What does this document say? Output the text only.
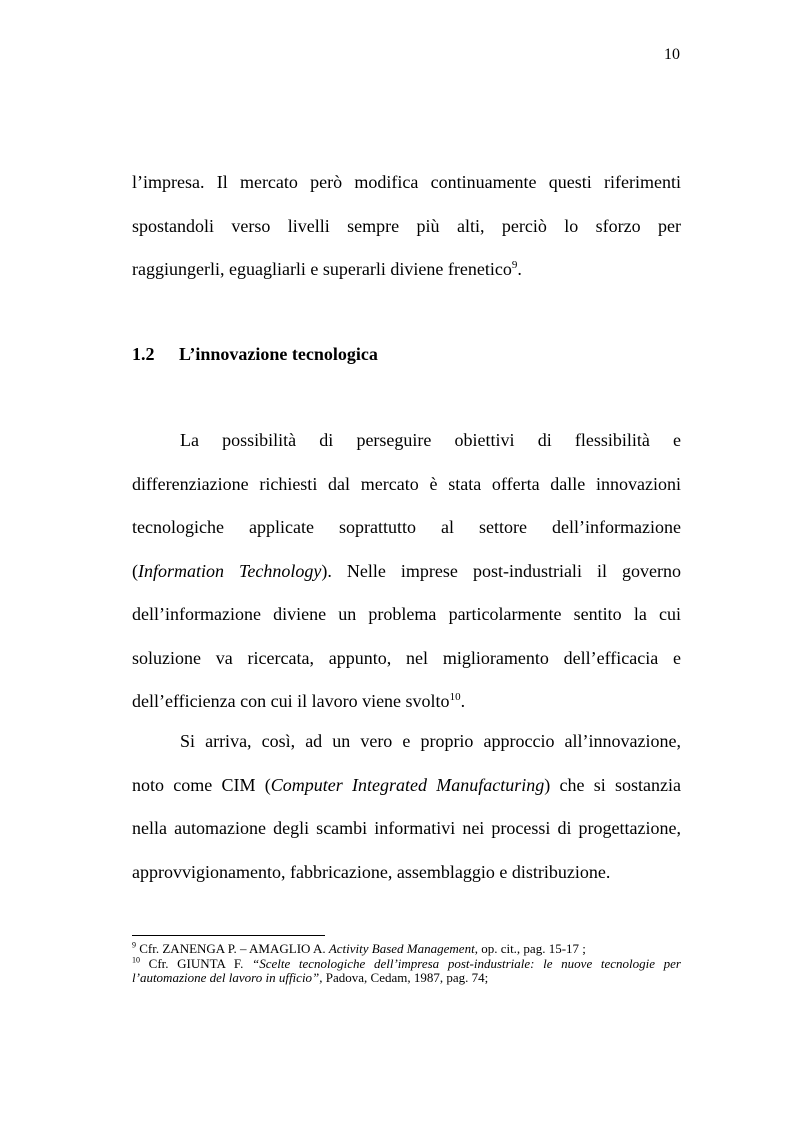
10

l’impresa. Il mercato però modifica continuamente questi riferimenti
spostandoli verso livelli sempre più alti, perciò lo sforzo per
raggiungerli, eguagliarli e superarli diviene frenetico$^9$.

1.2 L’innovazione tecnologica

La possibilità di perseguire obiettivi di flessibilità e
differenziazione richiesti dal mercato è stata offerta dalle innovazioni
tecnologiche applicate soprattutto al settore dell’informazione
(Information Technology). Nelle imprese post-industriali il governo
dell’informazione diviene un problema particolarmente sentito la cui
soluzione va ricercata, appunto, nel miglioramento dell’efficacia e
dell’efficienza con cui il lavoro viene svolto$^{10}$.

Si arriva, così, ad un vero e proprio approccio all’innovazione,
noto come CIM (Computer Integrated Manufacturing) che si sostanzia
nella automazione degli scambi informativi nei processi di progettazione,
approvvigionamento, fabbricazione, assemblaggio e distribuzione.

$^9$ Cfr. ZANENGA P. – AMAGLIO A. Activity Based Management, op. cit., pag. 15-17 ;
$^{10}$ Cfr. GIUNTA F. “Scelte tecnologiche dell’impresa post-industriale: le nuove tecnologie per
l’automazione del lavoro in ufficio”, Padova, Cedam, 1987, pag. 74;
